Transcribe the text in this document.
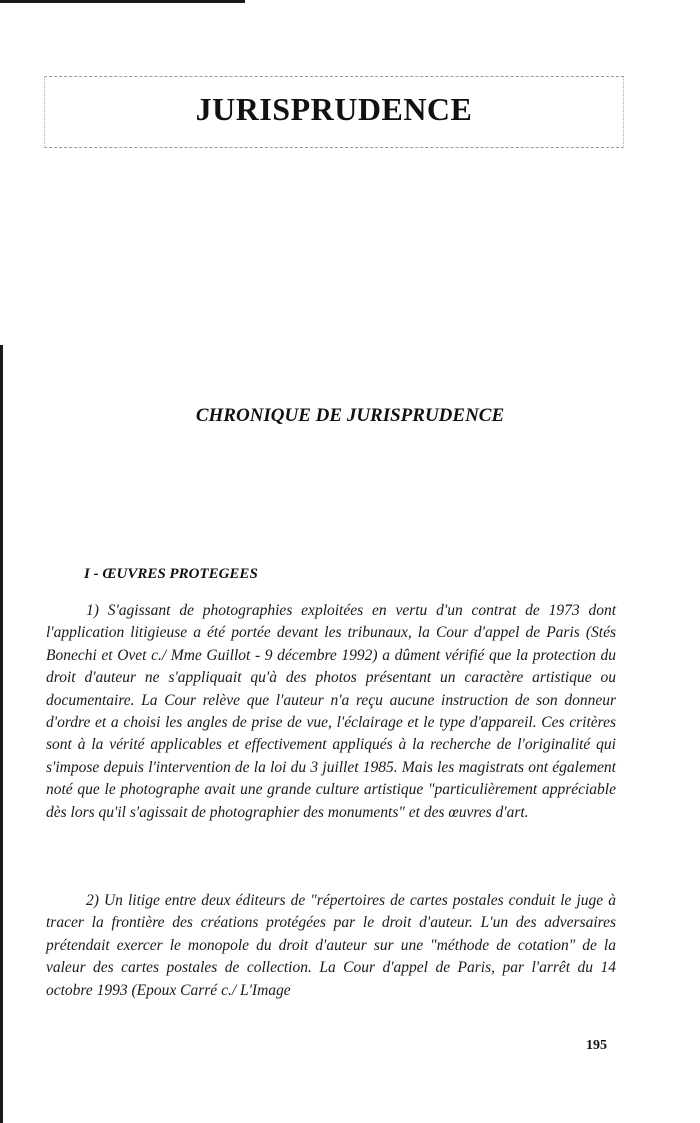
JURISPRUDENCE
CHRONIQUE DE JURISPRUDENCE
I - ŒUVRES PROTEGEES

1) S'agissant de photographies exploitées en vertu d'un contrat de 1973 dont l'application litigieuse a été portée devant les tribunaux, la Cour d'appel de Paris (Stés Bonechi et Ovet c./ Mme Guillot - 9 décembre 1992) a dûment vérifié que la protection du droit d'auteur ne s'appliquait qu'à des photos présentant un caractère artistique ou documentaire. La Cour relève que l'auteur n'a reçu aucune instruction de son donneur d'ordre et a choisi les angles de prise de vue, l'éclairage et le type d'appareil. Ces critères sont à la vérité applicables et effectivement appliqués à la recherche de l'originalité qui s'impose depuis l'intervention de la loi du 3 juillet 1985. Mais les magistrats ont également noté que le photographe avait une grande culture artistique "particulièrement appréciable dès lors qu'il s'agissait de photographier des monuments" et des œuvres d'art.

2) Un litige entre deux éditeurs de "répertoires de cartes postales conduit le juge à tracer la frontière des créations protégées par le droit d'auteur. L'un des adversaires prétendait exercer le monopole du droit d'auteur sur une "méthode de cotation" de la valeur des cartes postales de collection. La Cour d'appel de Paris, par l'arrêt du 14 octobre 1993 (Epoux Carré c./ L'Image

195
